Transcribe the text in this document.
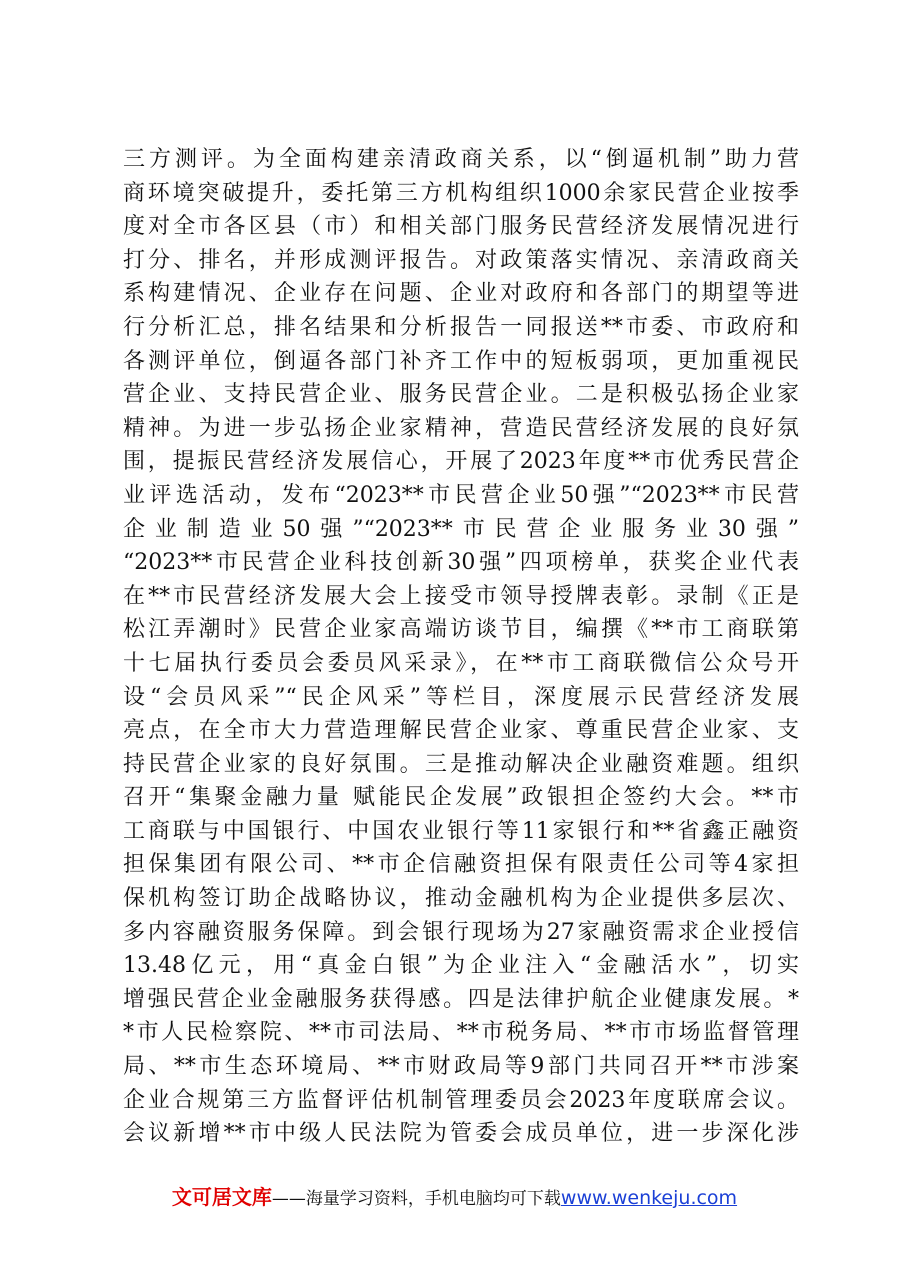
三方测评。为全面构建亲清政商关系，以“倒逼机制”助力营
商环境突破提升，委托第三方机构组织1000余家民营企业按季
度对全市各区县（市）和相关部门服务民营经济发展情况进行
打分、排名，并形成测评报告。对政策落实情况、亲清政商关
系构建情况、企业存在问题、企业对政府和各部门的期望等进
行分析汇总，排名结果和分析报告一同报送**市委、市政府和
各测评单位，倒逼各部门补齐工作中的短板弱项，更加重视民
营企业、支持民营企业、服务民营企业。二是积极弘扬企业家
精神。为进一步弘扬企业家精神，营造民营经济发展的良好氛
围，提振民营经济发展信心，开展了2023年度**市优秀民营企
业评选活动，发布“2023**市民营企业50强”“2023**市民营
企业制造业50强”“2023**市民营企业服务业30强”
“2023**市民营企业科技创新30强”四项榜单，获奖企业代表
在**市民营经济发展大会上接受市领导授牌表彰。录制《正是
松江弄潮时》民营企业家高端访谈节目，编撰《**市工商联第
十七届执行委员会委员风采录》，在**市工商联微信公众号开
设“会员风采”“民企风采”等栏目，深度展示民营经济发展
亮点，在全市大力营造理解民营企业家、尊重民营企业家、支
持民营企业家的良好氛围。三是推动解决企业融资难题。组织
召开“集聚金融力量 赋能民企发展”政银担企签约大会。**市
工商联与中国银行、中国农业银行等11家银行和**省鑫正融资
担保集团有限公司、**市企信融资担保有限责任公司等4家担
保机构签订助企战略协议，推动金融机构为企业提供多层次、
多内容融资服务保障。到会银行现场为27家融资需求企业授信
13.48亿元，用“真金白银”为企业注入“金融活水”，切实
增强民营企业金融服务获得感。四是法律护航企业健康发展。*
*市人民检察院、**市司法局、**市税务局、**市市场监督管理
局、**市生态环境局、**市财政局等9部门共同召开**市涉案
企业合规第三方监督评估机制管理委员会2023年度联席会议。
会议新增**市中级人民法院为管委会成员单位，进一步深化涉
文可居文库——海量学习资料，手机电脑均可下载www.wenkeju.com
